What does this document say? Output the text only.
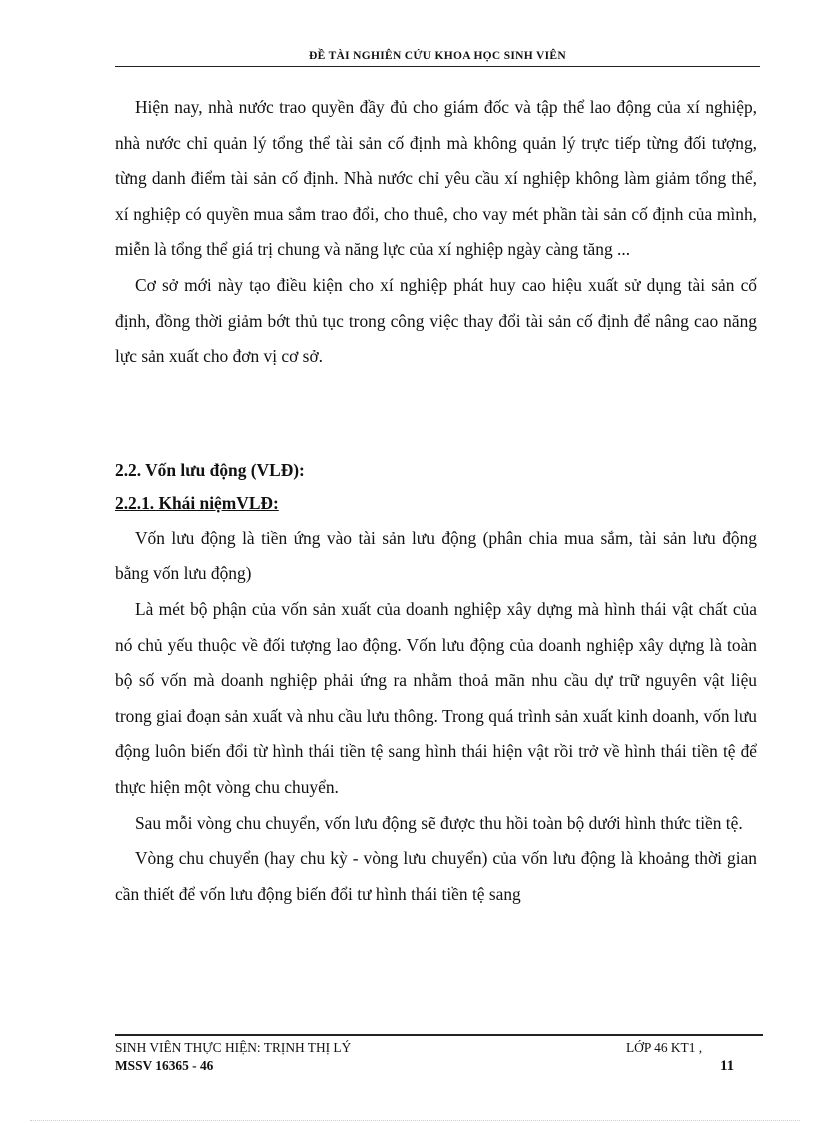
ĐỀ TÀI NGHIÊN CỨU KHOA HỌC SINH VIÊN

Hiện nay, nhà nước trao quyền đầy đủ cho giám đốc và tập thể lao động của xí nghiệp, nhà nước chỉ quản lý tổng thể tài sản cố định mà không quản lý trực tiếp từng đối tượng, từng danh điểm tài sản cố định. Nhà nước chỉ yêu cầu xí nghiệp không làm giảm tổng thể, xí nghiệp có quyền mua sắm trao đổi, cho thuê, cho vay mét phần tài sản cố định của mình, miễn là tổng thể giá trị chung và năng lực của xí nghiệp ngày càng tăng ...

Cơ sở mới này tạo điều kiện cho xí nghiệp phát huy cao hiệu xuất sử dụng tài sản cố định, đồng thời giảm bớt thủ tục trong công việc thay đổi tài sản cố định để nâng cao năng lực sản xuất cho đơn vị cơ sở.

2.2. Vốn lưu động (VLĐ):

2.2.1. Khái niệmVLĐ:

Vốn lưu động là tiền ứng vào tài sản lưu động (phân chia mua sắm, tài sản lưu động bằng vốn lưu động)

Là mét bộ phận của vốn sản xuất của doanh nghiệp xây dựng mà hình thái vật chất của nó chủ yếu thuộc về đối tượng lao động. Vốn lưu động của doanh nghiệp xây dựng là toàn bộ số vốn mà doanh nghiệp phải ứng ra nhằm thoả mãn nhu cầu dự trữ nguyên vật liệu trong giai đoạn sản xuất và nhu cầu lưu thông. Trong quá trình sản xuất kinh doanh, vốn lưu động luôn biến đổi từ hình thái tiền tệ sang hình thái hiện vật rồi trở về hình thái tiền tệ để thực hiện một vòng chu chuyển.

Sau mỗi vòng chu chuyển, vốn lưu động sẽ được thu hồi toàn bộ dưới hình thức tiền tệ.

Vòng chu chuyển (hay chu kỳ - vòng lưu chuyển) của vốn lưu động là khoảng thời gian cần thiết để vốn lưu động biến đổi tư hình thái tiền tệ sang

SINH VIÊN THỰC HIỆN: TRỊNH THỊ LÝ
MSSV 16365 - 46
LỚP 46 KT1 ,
11
